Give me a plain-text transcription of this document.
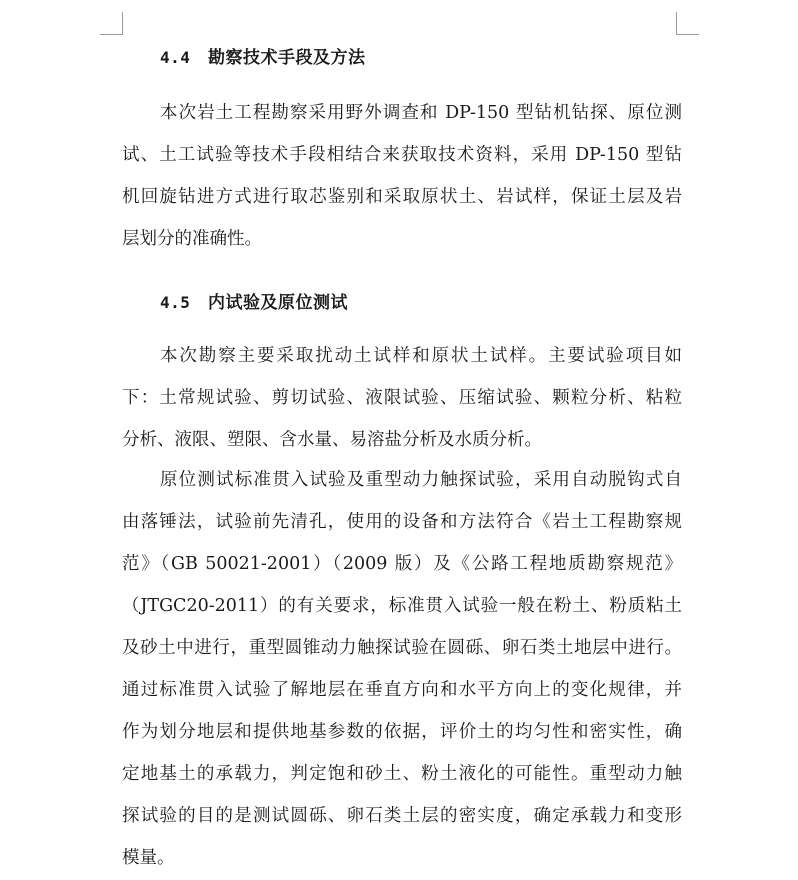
4.4 勘察技术手段及方法
本次岩土工程勘察采用野外调查和 DP-150 型钻机钻探、原位测
试、土工试验等技术手段相结合来获取技术资料，采用 DP-150 型钻
机回旋钻进方式进行取芯鉴别和采取原状土、岩试样，保证土层及岩
层划分的准确性。
4.5 内试验及原位测试
本次勘察主要采取扰动土试样和原状土试样。主要试验项目如
下：土常规试验、剪切试验、液限试验、压缩试验、颗粒分析、粘粒
分析、液限、塑限、含水量、易溶盐分析及水质分析。
原位测试标准贯入试验及重型动力触探试验，采用自动脱钩式自
由落锤法，试验前先清孔，使用的设备和方法符合《岩土工程勘察规
范》（GB 50021-2001）（2009 版）及《公路工程地质勘察规范》
（JTGC20-2011）的有关要求，标准贯入试验一般在粉土、粉质粘土
及砂土中进行，重型圆锥动力触探试验在圆砾、卵石类土地层中进行。
通过标准贯入试验了解地层在垂直方向和水平方向上的变化规律，并
作为划分地层和提供地基参数的依据，评价土的均匀性和密实性，确
定地基土的承载力，判定饱和砂土、粉土液化的可能性。重型动力触
探试验的目的是测试圆砾、卵石类土层的密实度，确定承载力和变形
模量。
